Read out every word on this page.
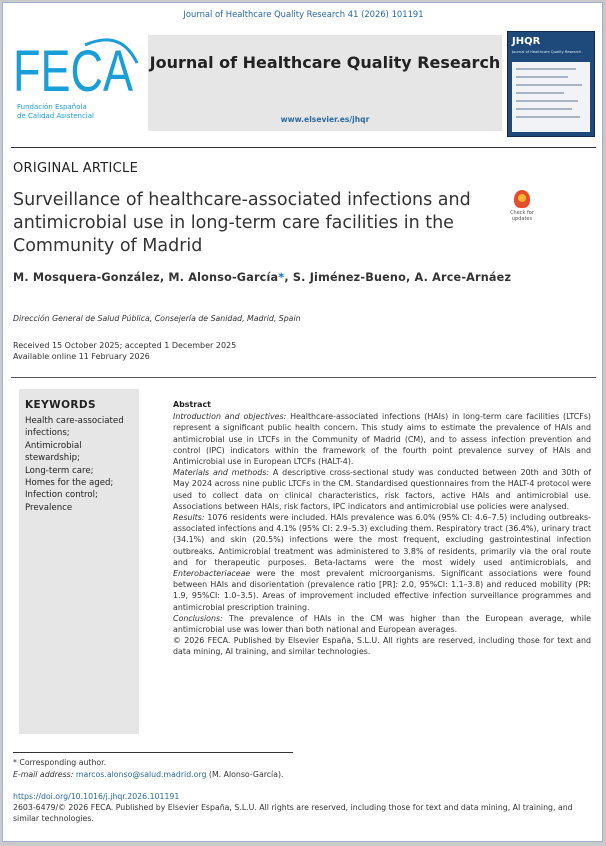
Journal of Healthcare Quality Research 41 (2026) 101191
FECA
Fundación Española
de Calidad Asistencial
Journal of Healthcare Quality Research
www.elsevier.es/jhqr
JHQR
Journal of Healthcare Quality Research
ORIGINAL ARTICLE
Surveillance of healthcare-associated infections and antimicrobial use in long-term care facilities in the Community of Madrid
Check for updates
M. Mosquera-González, M. Alonso-García*, S. Jiménez-Bueno, A. Arce-Arnáez
Dirección General de Salud Pública, Consejería de Sanidad, Madrid, Spain
Received 15 October 2025; accepted 1 December 2025
Available online 11 February 2026
KEYWORDS
Health care-associated infections;
Antimicrobial stewardship;
Long-term care;
Homes for the aged;
Infection control;
Prevalence
Abstract

Introduction and objectives: Healthcare-associated infections (HAIs) in long-term care facilities (LTCFs) represent a significant public health concern. This study aims to estimate the prevalence of HAIs and antimicrobial use in LTCFs in the Community of Madrid (CM), and to assess infection prevention and control (IPC) indicators within the framework of the fourth point prevalence survey of HAIs and Antimicrobial use in European LTCFs (HALT-4).

Materials and methods: A descriptive cross-sectional study was conducted between 20th and 30th of May 2024 across nine public LTCFs in the CM. Standardised questionnaires from the HALT-4 protocol were used to collect data on clinical characteristics, risk factors, active HAIs and antimicrobial use. Associations between HAIs, risk factors, IPC indicators and antimicrobial use policies were analysed.

Results: 1076 residents were included. HAIs prevalence was 6.0% (95% CI: 4.6–7.5) including outbreaks-associated infections and 4.1% (95% CI: 2.9–5.3) excluding them. Respiratory tract (36.4%), urinary tract (34.1%) and skin (20.5%) infections were the most frequent, excluding gastrointestinal infection outbreaks. Antimicrobial treatment was administered to 3.8% of residents, primarily via the oral route and for therapeutic purposes. Beta-lactams were the most widely used antimicrobials, and Enterobacteriaceae were the most prevalent microorganisms. Significant associations were found between HAIs and disorientation (prevalence ratio [PR]: 2.0, 95%CI: 1.1–3.8) and reduced mobility (PR: 1.9, 95%CI: 1.0–3.5). Areas of improvement included effective infection surveillance programmes and antimicrobial prescription training.

Conclusions: The prevalence of HAIs in the CM was higher than the European average, while antimicrobial use was lower than both national and European averages.

© 2026 FECA. Published by Elsevier España, S.L.U. All rights are reserved, including those for text and data mining, AI training, and similar technologies.

* Corresponding author.
E-mail address: marcos.alonso@salud.madrid.org (M. Alonso-García).
https://doi.org/10.1016/j.jhqr.2026.101191
2603-6479/© 2026 FECA. Published by Elsevier España, S.L.U. All rights are reserved, including those for text and data mining, AI training, and similar technologies.
